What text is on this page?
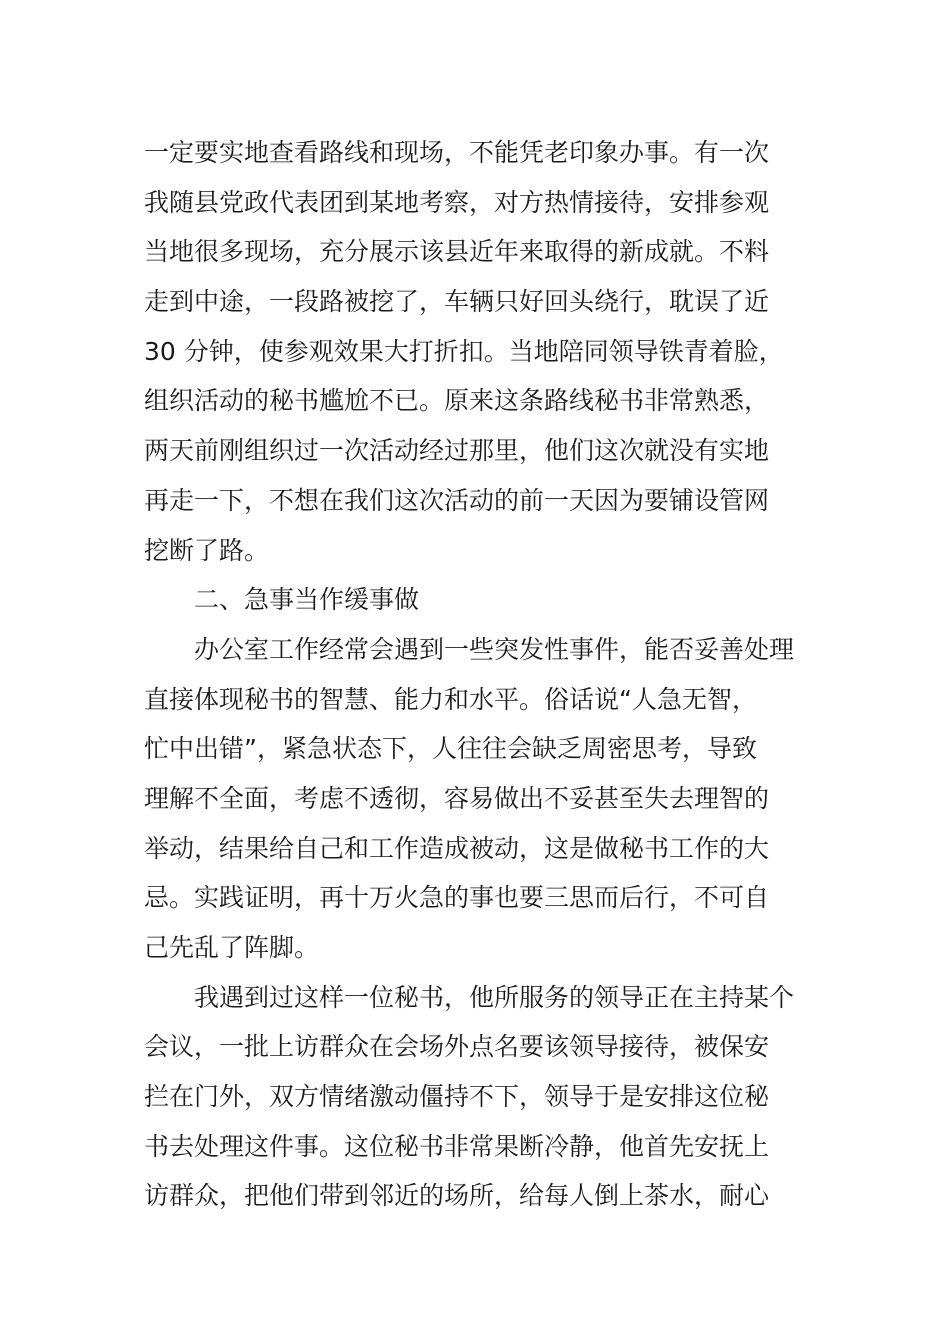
一定要实地查看路线和现场，不能凭老印象办事。有一次
我随县党政代表团到某地考察，对方热情接待，安排参观
当地很多现场，充分展示该县近年来取得的新成就。不料
走到中途，一段路被挖了，车辆只好回头绕行，耽误了近
30 分钟，使参观效果大打折扣。当地陪同领导铁青着脸，
组织活动的秘书尴尬不已。原来这条路线秘书非常熟悉，
两天前刚组织过一次活动经过那里，他们这次就没有实地
再走一下，不想在我们这次活动的前一天因为要铺设管网
挖断了路。
　　二、急事当作缓事做
　　办公室工作经常会遇到一些突发性事件，能否妥善处理
直接体现秘书的智慧、能力和水平。俗话说“人急无智，
忙中出错”，紧急状态下，人往往会缺乏周密思考，导致
理解不全面，考虑不透彻，容易做出不妥甚至失去理智的
举动，结果给自己和工作造成被动，这是做秘书工作的大
忌。实践证明，再十万火急的事也要三思而后行，不可自
己先乱了阵脚。
　　我遇到过这样一位秘书，他所服务的领导正在主持某个
会议，一批上访群众在会场外点名要该领导接待，被保安
拦在门外，双方情绪激动僵持不下，领导于是安排这位秘
书去处理这件事。这位秘书非常果断冷静，他首先安抚上
访群众，把他们带到邻近的场所，给每人倒上茶水，耐心
